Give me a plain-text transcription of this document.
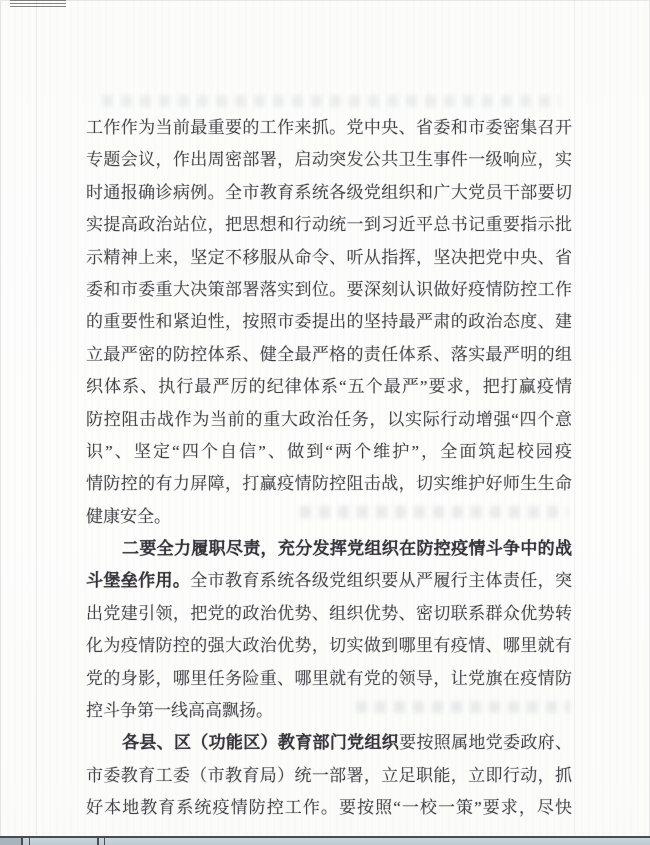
工作作为当前最重要的工作来抓。党中央、省委和市委密集召开
专题会议，作出周密部署，启动突发公共卫生事件一级响应，实
时通报确诊病例。全市教育系统各级党组织和广大党员干部要切
实提高政治站位，把思想和行动统一到习近平总书记重要指示批
示精神上来，坚定不移服从命令、听从指挥，坚决把党中央、省
委和市委重大决策部署落实到位。要深刻认识做好疫情防控工作
的重要性和紧迫性，按照市委提出的坚持最严肃的政治态度、建
立最严密的防控体系、健全最严格的责任体系、落实最严明的组
织体系、执行最严厉的纪律体系“五个最严”要求，把打赢疫情
防控阻击战作为当前的重大政治任务，以实际行动增强“四个意
识”、坚定“四个自信”、做到“两个维护”，全面筑起校园疫
情防控的有力屏障，打赢疫情防控阻击战，切实维护好师生生命
健康安全。
二要全力履职尽责，充分发挥党组织在防控疫情斗争中的战
斗堡垒作用。全市教育系统各级党组织要从严履行主体责任，突
出党建引领，把党的政治优势、组织优势、密切联系群众优势转
化为疫情防控的强大政治优势，切实做到哪里有疫情、哪里就有
党的身影，哪里任务险重、哪里就有党的领导，让党旗在疫情防
控斗争第一线高高飘扬。
各县、区（功能区）教育部门党组织要按照属地党委政府、
市委教育工委（市教育局）统一部署，立足职能，立即行动，抓
好本地教育系统疫情防控工作。要按照“一校一策”要求，尽快
